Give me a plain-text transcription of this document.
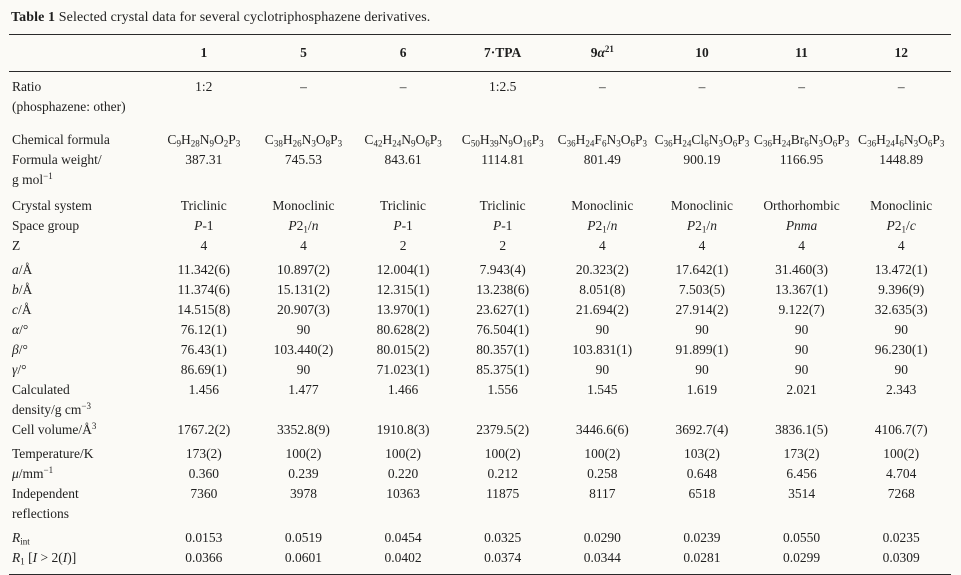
Table 1 Selected crystal data for several cyclotriphosphazene derivatives.
	1	5	6	7·TPA	$9\alpha^{21}$	10	11	12
Ratio
(phosphazene: other)	1:2	–	–	1:2.5	–	–	–	–
Chemical formula	$C_9H_{28}N_9O_2P_3$	$C_{38}H_{26}N_3O_8P_3$	$C_{42}H_{24}N_9O_6P_3$	$C_{50}H_{39}N_9O_{16}P_3$	$C_{36}H_{24}F_6N_3O_6P_3$	$C_{36}H_{24}Cl_6N_3O_6P_3$	$C_{36}H_{24}Br_6N_3O_6P_3$	$C_{36}H_{24}I_6N_3O_6P_3$
Formula weight/
g mol$^{-1}$	387.31	745.53	843.61	1114.81	801.49	900.19	1166.95	1448.89
Crystal system	Triclinic	Monoclinic	Triclinic	Triclinic	Monoclinic	Monoclinic	Orthorhombic	Monoclinic
Space group	P-1	$P2_1/n$	P-1	P-1	$P2_1/n$	$P2_1/n$	Pnma	$P2_1/c$
Z	4	4	2	2	4	4	4	4
a/Å	11.342(6)	10.897(2)	12.004(1)	7.943(4)	20.323(2)	17.642(1)	31.460(3)	13.472(1)
b/Å	11.374(6)	15.131(2)	12.315(1)	13.238(6)	8.051(8)	7.503(5)	13.367(1)	9.396(9)
c/Å	14.515(8)	20.907(3)	13.970(1)	23.627(1)	21.694(2)	27.914(2)	9.122(7)	32.635(3)
α/°	76.12(1)	90	80.628(2)	76.504(1)	90	90	90	90
β/°	76.43(1)	103.440(2)	80.015(2)	80.357(1)	103.831(1)	91.899(1)	90	96.230(1)
γ/°	86.69(1)	90	71.023(1)	85.375(1)	90	90	90	90
Calculated
density/g $cm^{-3}$	1.456	1.477	1.466	1.556	1.545	1.619	2.021	2.343
Cell volume/$Å^3$	1767.2(2)	3352.8(9)	1910.8(3)	2379.5(2)	3446.6(6)	3692.7(4)	3836.1(5)	4106.7(7)
Temperature/K	173(2)	100(2)	100(2)	100(2)	100(2)	103(2)	173(2)	100(2)
$\mu/mm^{-1}$	0.360	0.239	0.220	0.212	0.258	0.648	6.456	4.704
Independent
reflections	7360	3978	10363	11875	8117	6518	3514	7268
$R_{int}$	0.0153	0.0519	0.0454	0.0325	0.0290	0.0239	0.0550	0.0235
$R_1$ [I > 2(I)]	0.0366	0.0601	0.0402	0.0374	0.0344	0.0281	0.0299	0.0309
